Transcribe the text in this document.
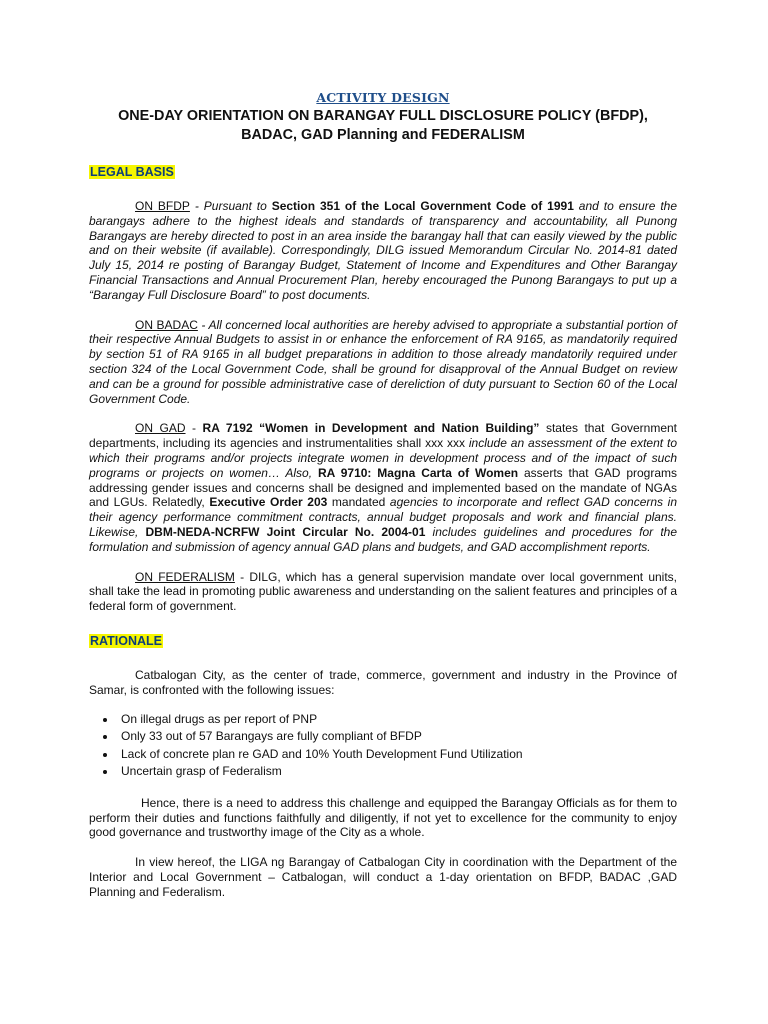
ACTIVITY DESIGN
ONE-DAY ORIENTATION ON BARANGAY FULL DISCLOSURE POLICY (BFDP),
BADAC, GAD Planning and FEDERALISM
LEGAL BASIS

ON BFDP - Pursuant to Section 351 of the Local Government Code of 1991 and to ensure the barangays adhere to the highest ideals and standards of transparency and accountability, all Punong Barangays are hereby directed to post in an area inside the barangay hall that can easily viewed by the public and on their website (if available). Correspondingly, DILG issued Memorandum Circular No. 2014-81 dated July 15, 2014 re posting of Barangay Budget, Statement of Income and Expenditures and Other Barangay Financial Transactions and Annual Procurement Plan, hereby encouraged the Punong Barangays to put up a “Barangay Full Disclosure Board” to post documents.

ON BADAC - All concerned local authorities are hereby advised to appropriate a substantial portion of their respective Annual Budgets to assist in or enhance the enforcement of RA 9165, as mandatorily required by section 51 of RA 9165 in all budget preparations in addition to those already mandatorily required under section 324 of the Local Government Code, shall be ground for disapproval of the Annual Budget on review and can be a ground for possible administrative case of dereliction of duty pursuant to Section 60 of the Local Government Code.

ON GAD - RA 7192 “Women in Development and Nation Building” states that Government departments, including its agencies and instrumentalities shall xxx xxx include an assessment of the extent to which their programs and/or projects integrate women in development process and of the impact of such programs or projects on women… Also, RA 9710: Magna Carta of Women asserts that GAD programs addressing gender issues and concerns shall be designed and implemented based on the mandate of NGAs and LGUs. Relatedly, Executive Order 203 mandated agencies to incorporate and reflect GAD concerns in their agency performance commitment contracts, annual budget proposals and work and financial plans. Likewise, DBM-NEDA-NCRFW Joint Circular No. 2004-01 includes guidelines and procedures for the formulation and submission of agency annual GAD plans and budgets, and GAD accomplishment reports.

ON FEDERALISM - DILG, which has a general supervision mandate over local government units, shall take the lead in promoting public awareness and understanding on the salient features and principles of a federal form of government.

RATIONALE

Catbalogan City, as the center of trade, commerce, government and industry in the Province of Samar, is confronted with the following issues:

• On illegal drugs as per report of PNP
• Only 33 out of 57 Barangays are fully compliant of BFDP
• Lack of concrete plan re GAD and 10% Youth Development Fund Utilization
• Uncertain grasp of Federalism

Hence, there is a need to address this challenge and equipped the Barangay Officials as for them to perform their duties and functions faithfully and diligently, if not yet to excellence for the community to enjoy good governance and trustworthy image of the City as a whole.

In view hereof, the LIGA ng Barangay of Catbalogan City in coordination with the Department of the Interior and Local Government – Catbalogan, will conduct a 1-day orientation on BFDP, BADAC ,GAD Planning and Federalism.
